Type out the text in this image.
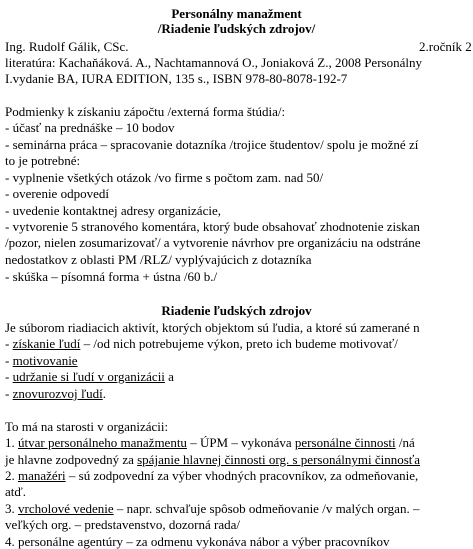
Personálny manažment
/Riadenie ľudských zdrojov/
Ing. Rudolf Gálik, CSc.	2.ročník 2
literatúra: Kachaňáková. A., Nachtamannová O., Joniaková Z., 2008 Personálny
I.vydanie BA, IURA EDITION, 135 s., ISBN 978-80-8078-192-7
Podmienky k získaniu zápočtu /externá forma štúdia/:
- účasť na prednáške – 10 bodov
- seminárna práca – spracovanie dotazníka /trojice študentov/ spolu je možné zí
to je potrebné:
- vyplnenie všetkých otázok /vo firme s počtom zam. nad 50/
- overenie odpovedí
- uvedenie kontaktnej adresy organizácie,
- vytvorenie 5 stranového komentára, ktorý bude obsahovať zhodnotenie ziskan
/pozor, nielen zosumarizovať/ a vytvorenie návrhov pre organizáciu na odstráne
nedostatkov z oblasti PM /RLZ/ vyplývajúcich z dotazníka
- skúška – písomná forma + ústna /60 b./
Riadenie ľudských zdrojov
Je súborom riadiacich aktivít, ktorých objektom sú ľudia, a ktoré sú zamerané n
- získanie ľudí – /od nich potrebujeme výkon, preto ich budeme motivovať/
- motivovanie
- udržanie si ľudí v organizácii a
- znovurozvoj ľudí.
To má na starosti v organizácii:
1. útvar personálneho manažmentu – ÚPM – vykonáva personálne činnosti /ná
je hlavne zodpovedný za spájanie hlavnej činnosti org. s personálnymi činnosťa
2. manažéri – sú zodpovední za výber vhodných pracovníkov, za odmeňovanie,
atď.
3. vrcholové vedenie – napr. schvaľuje spôsob odmeňovanie /v malých organ. –
veľkých org. – predstavenstvo, dozorná rada/
4. personálne agentúry – za odmenu vykonáva nábor a výber pracovníkov
